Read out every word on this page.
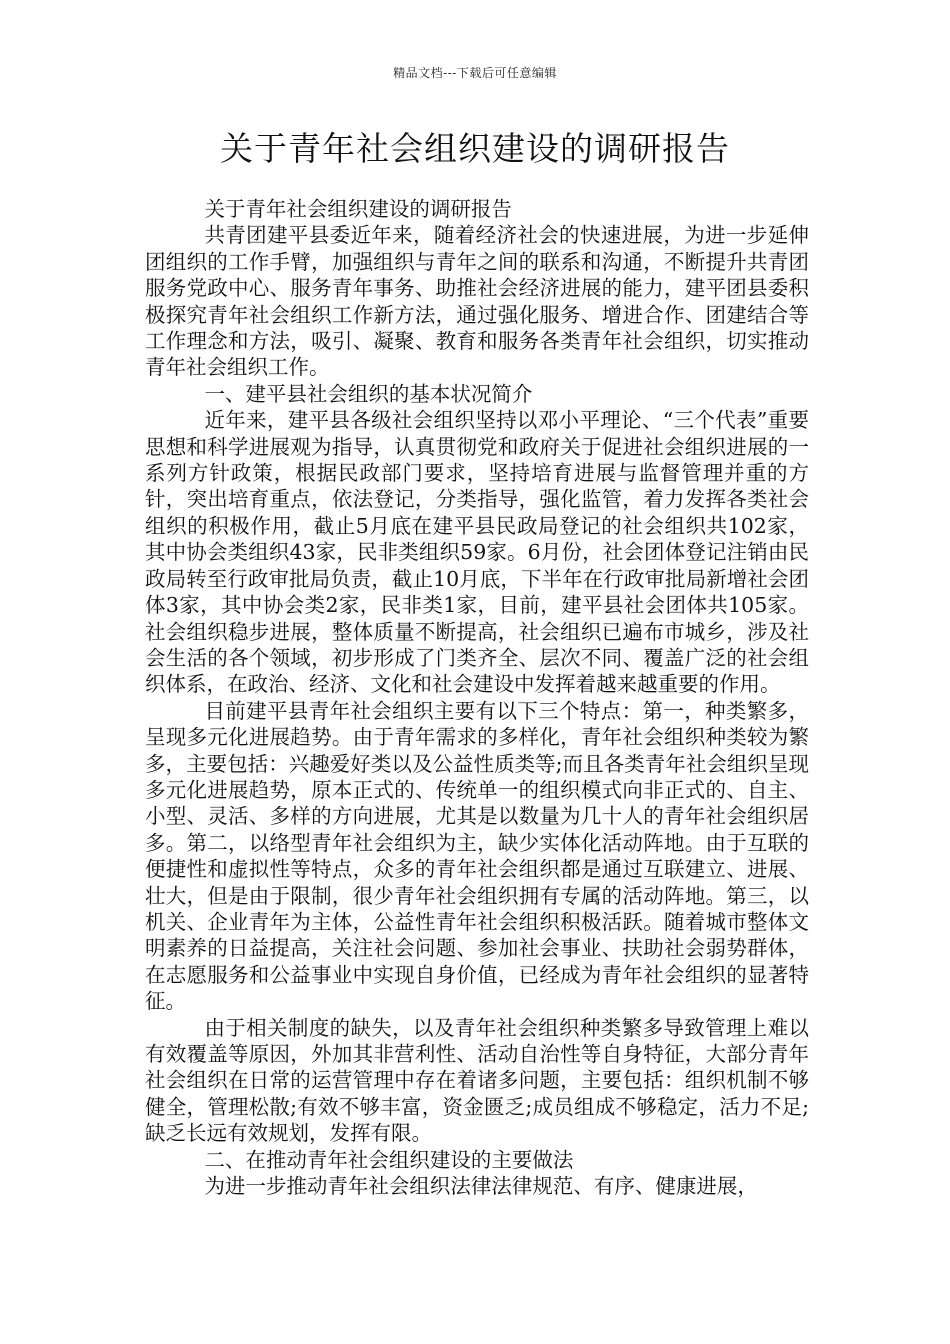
精品文档---下载后可任意编辑
关于青年社会组织建设的调研报告

关于青年社会组织建设的调研报告

共青团建平县委近年来，随着经济社会的快速进展，为进一步延伸团组织的工作手臂，加强组织与青年之间的联系和沟通，不断提升共青团服务党政中心、服务青年事务、助推社会经济进展的能力，建平团县委积极探究青年社会组织工作新方法，通过强化服务、增进合作、团建结合等工作理念和方法，吸引、凝聚、教育和服务各类青年社会组织，切实推动青年社会组织工作。

一、建平县社会组织的基本状况简介

近年来，建平县各级社会组织坚持以邓小平理论、“三个代表”重要思想和科学进展观为指导，认真贯彻党和政府关于促进社会组织进展的一系列方针政策，根据民政部门要求，坚持培育进展与监督管理并重的方针，突出培育重点，依法登记，分类指导，强化监管，着力发挥各类社会组织的积极作用，截止5月底在建平县民政局登记的社会组织共102家，其中协会类组织43家，民非类组织59家。6月份，社会团体登记注销由民政局转至行政审批局负责，截止10月底，下半年在行政审批局新增社会团体3家，其中协会类2家，民非类1家，目前，建平县社会团体共105家。社会组织稳步进展，整体质量不断提高，社会组织已遍布市城乡，涉及社会生活的各个领域，初步形成了门类齐全、层次不同、覆盖广泛的社会组织体系，在政治、经济、文化和社会建设中发挥着越来越重要的作用。

目前建平县青年社会组织主要有以下三个特点：第一，种类繁多，呈现多元化进展趋势。由于青年需求的多样化，青年社会组织种类较为繁多，主要包括：兴趣爱好类以及公益性质类等;而且各类青年社会组织呈现多元化进展趋势，原本正式的、传统单一的组织模式向非正式的、自主、小型、灵活、多样的方向进展，尤其是以数量为几十人的青年社会组织居多。第二，以络型青年社会组织为主，缺少实体化活动阵地。由于互联的便捷性和虚拟性等特点，众多的青年社会组织都是通过互联建立、进展、壮大，但是由于限制，很少青年社会组织拥有专属的活动阵地。第三，以机关、企业青年为主体，公益性青年社会组织积极活跃。随着城市整体文明素养的日益提高，关注社会问题、参加社会事业、扶助社会弱势群体，在志愿服务和公益事业中实现自身价值，已经成为青年社会组织的显著特征。

由于相关制度的缺失，以及青年社会组织种类繁多导致管理上难以有效覆盖等原因，外加其非营利性、活动自治性等自身特征，大部分青年社会组织在日常的运营管理中存在着诸多问题，主要包括：组织机制不够健全，管理松散;有效不够丰富，资金匮乏;成员组成不够稳定，活力不足;缺乏长远有效规划，发挥有限。

二、在推动青年社会组织建设的主要做法

为进一步推动青年社会组织法律法律规范、有序、健康进展，
